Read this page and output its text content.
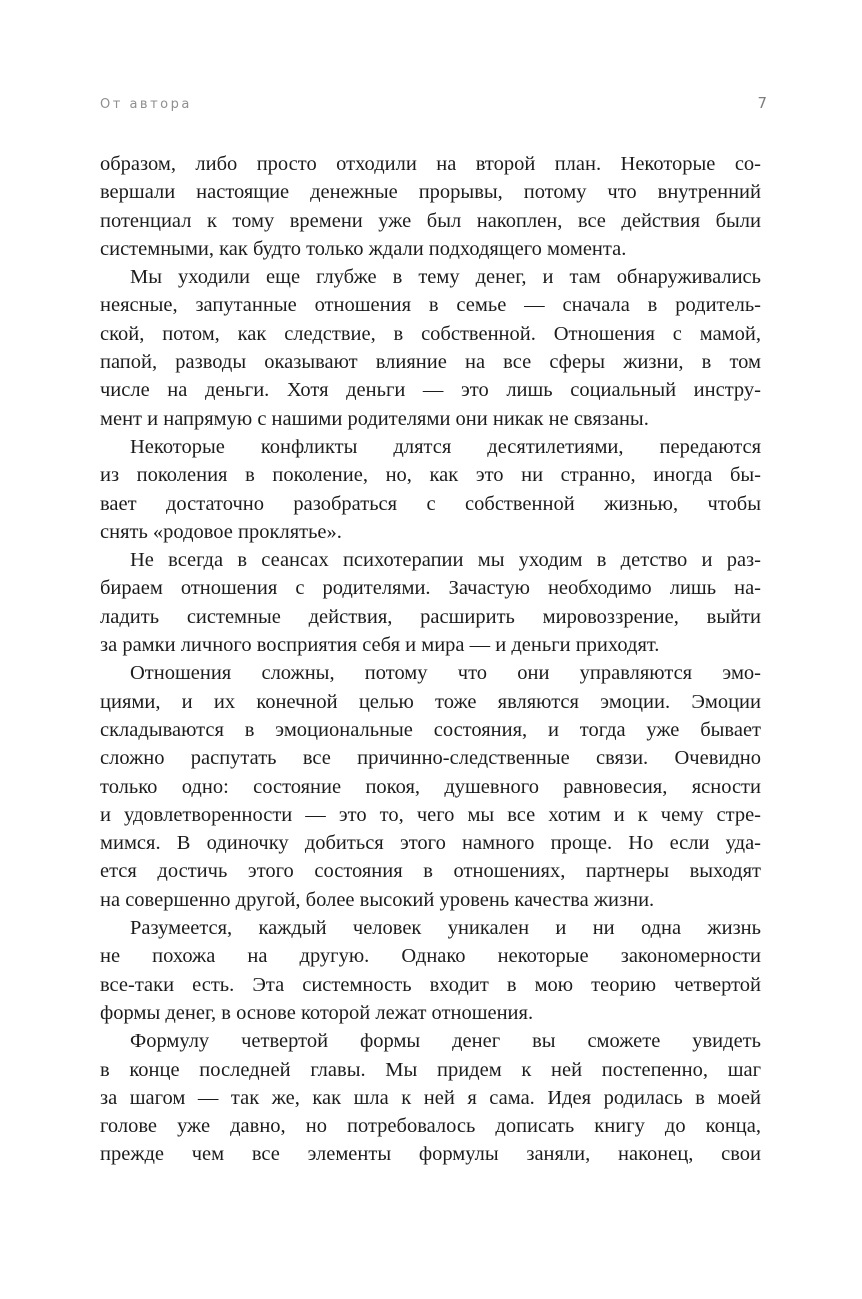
От автора	7
образом, либо просто отходили на второй план. Некоторые со-
вершали настоящие денежные прорывы, потому что внутренний
потенциал к тому времени уже был накоплен, все действия были
системными, как будто только ждали подходящего момента.
Мы уходили еще глубже в тему денег, и там обнаруживались
неясные, запутанные отношения в семье — сначала в родитель-
ской, потом, как следствие, в собственной. Отношения с мамой,
папой, разводы оказывают влияние на все сферы жизни, в том
числе на деньги. Хотя деньги — это лишь социальный инстру-
мент и напрямую с нашими родителями они никак не связаны.
Некоторые конфликты длятся десятилетиями, передаются
из поколения в поколение, но, как это ни странно, иногда бы-
вает достаточно разобраться с собственной жизнью, чтобы
снять «родовое проклятье».
Не всегда в сеансах психотерапии мы уходим в детство и раз-
бираем отношения с родителями. Зачастую необходимо лишь на-
ладить системные действия, расширить мировоззрение, выйти
за рамки личного восприятия себя и мира — и деньги приходят.
Отношения сложны, потому что они управляются эмо-
циями, и их конечной целью тоже являются эмоции. Эмоции
складываются в эмоциональные состояния, и тогда уже бывает
сложно распутать все причинно-следственные связи. Очевидно
только одно: состояние покоя, душевного равновесия, ясности
и удовлетворенности — это то, чего мы все хотим и к чему стре-
мимся. В одиночку добиться этого намного проще. Но если уда-
ется достичь этого состояния в отношениях, партнеры выходят
на совершенно другой, более высокий уровень качества жизни.
Разумеется, каждый человек уникален и ни одна жизнь
не похожа на другую. Однако некоторые закономерности
все-таки есть. Эта системность входит в мою теорию четвертой
формы денег, в основе которой лежат отношения.
Формулу четвертой формы денег вы сможете увидеть
в конце последней главы. Мы придем к ней постепенно, шаг
за шагом — так же, как шла к ней я сама. Идея родилась в моей
голове уже давно, но потребовалось дописать книгу до конца,
прежде чем все элементы формулы заняли, наконец, свои
